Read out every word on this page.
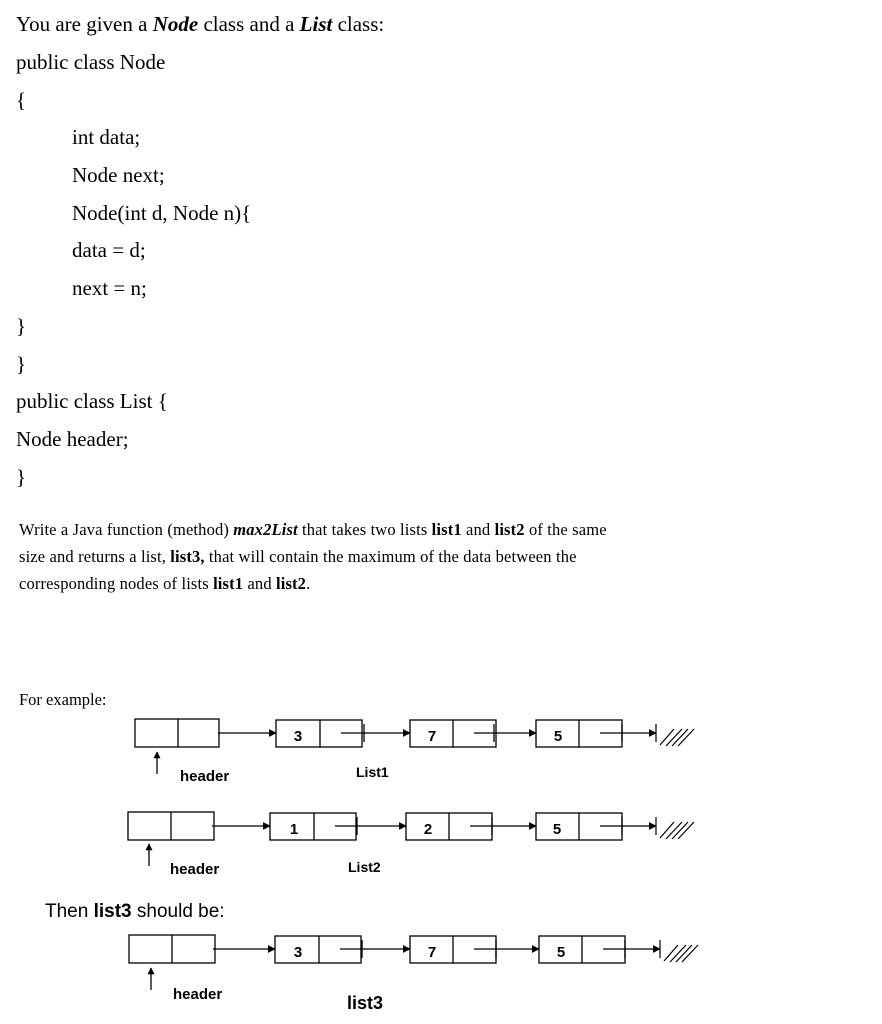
You are given a Node class and a List class:
public class Node
{
int data;
Node next;
Node(int d, Node n){
data = d;
next = n;
}
}
public class List {
Node header;
}
Write a Java function (method) max2List that takes two lists list1 and list2 of the same
size and returns a list, list3, that will contain the maximum of the data between the
corresponding nodes of lists list1 and list2.
For example:
Then list3 should be:
3	7	5
header	List1
1	2	5
header	List2
3	7	5
header	list3
